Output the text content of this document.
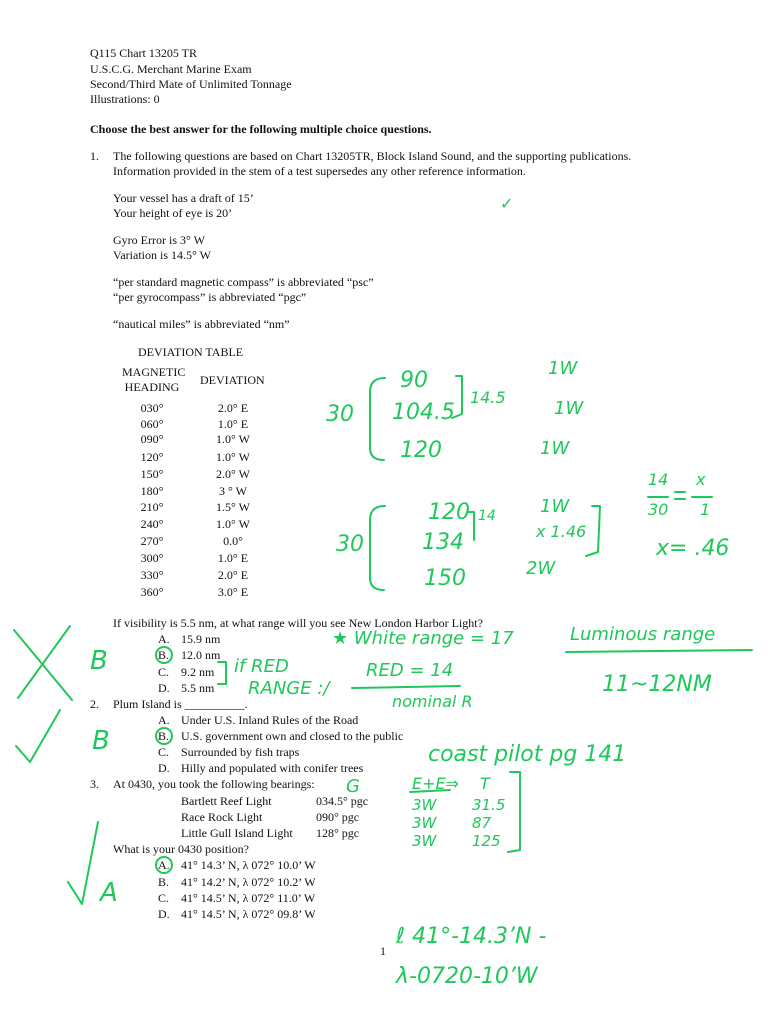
Q115 Chart 13205 TR
U.S.C.G. Merchant Marine Exam
Second/Third Mate of Unlimited Tonnage
Illustrations: 0
Choose the best answer for the following multiple choice questions.
1. The following questions are based on Chart 13205TR, Block Island Sound, and the supporting publications.
Information provided in the stem of a test supersedes any other reference information.
Your vessel has a draft of 15’
Your height of eye is 20’
Gyro Error is 3° W
Variation is 14.5° W
“per standard magnetic compass” is abbreviated “psc”
“per gyrocompass” is abbreviated “pgc”
“nautical miles” is abbreviated “nm”
DEVIATION TABLE
MAGNETIC
HEADING DEVIATION
030°	2.0° E
060°	1.0° E
090°	1.0° W
120°	1.0° W
150°	2.0° W
180°	3 ° W
210°	1.5° W
240°	1.0° W
270°	0.0°
300°	1.0° E
330°	2.0° E
360°	3.0° E
If visibility is 5.5 nm, at what range will you see New London Harbor Light?
A. 15.9 nm
B. 12.0 nm
C. 9.2 nm
D. 5.5 nm
2. Plum Island is __________.
A. Under U.S. Inland Rules of the Road
B. U.S. government own and closed to the public
C. Surrounded by fish traps
D. Hilly and populated with conifer trees
3. At 0430, you took the following bearings:
Bartlett Reef Light	034.5° pgc
Race Rock Light	090° pgc
Little Gull Island Light 128° pgc
What is your 0430 position?
A. 41° 14.3’ N, λ 072° 10.0’ W
B. 41° 14.2’ N, λ 072° 10.2’ W
C. 41° 14.5’ N, λ 072° 11.0’ W
D. 41° 14.5’ N, λ 072° 09.8’ W
1
✓
30
90
104.5
120
14.5
1W
1W
1W
30
120
134
150
14 1W
x 1.46
2W
14
30
x
1
x= .46
B
★ White range = 17
RED = 14
if RED
RANGE :/
nominal R
Luminous range
11~12NM
B	coast pilot pg 141
G	E+E⇒ T
3W
3W
3W
31.5
87
125
A
ℓ 41°-14.3’N -
λ-0720-10’W
